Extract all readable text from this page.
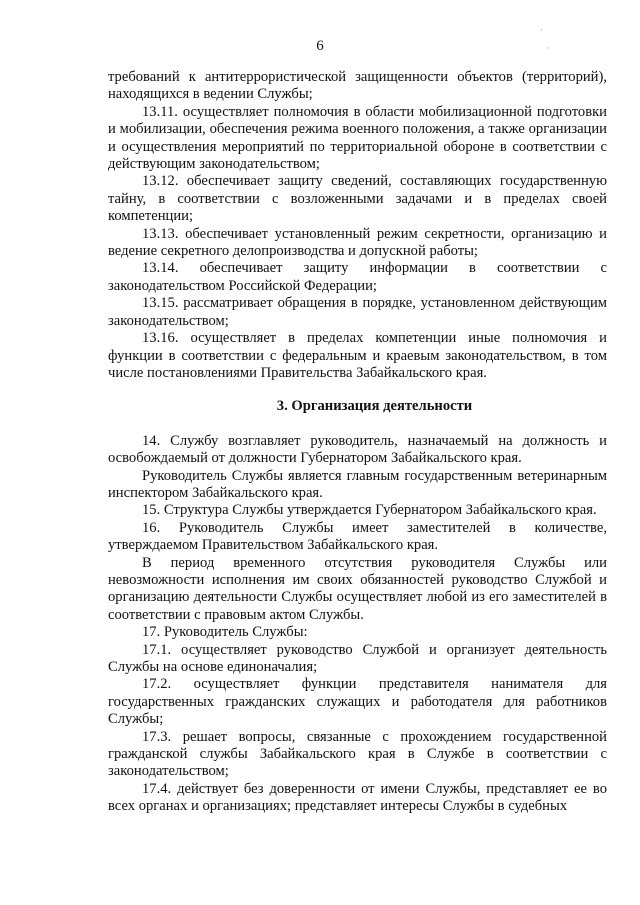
·
·
6

требований к антитеррористической защищенности объектов (территорий), находящихся в ведении Службы;

13.11. осуществляет полномочия в области мобилизационной подготовки и мобилизации, обеспечения режима военного положения, а также организации и осуществления мероприятий по территориальной обороне в соответствии с действующим законодательством;

13.12. обеспечивает защиту сведений, составляющих государственную тайну, в соответствии с возложенными задачами и в пределах своей компетенции;

13.13. обеспечивает установленный режим секретности, организацию и ведение секретного делопроизводства и допускной работы;

13.14. обеспечивает защиту информации в соответствии с законодательством Российской Федерации;

13.15. рассматривает обращения в порядке, установленном действующим законодательством;

13.16. осуществляет в пределах компетенции иные полномочия и функции в соответствии с федеральным и краевым законодательством, в том числе постановлениями Правительства Забайкальского края.

3. Организация деятельности

14. Службу возглавляет руководитель, назначаемый на должность и освобождаемый от должности Губернатором Забайкальского края.

Руководитель Службы является главным государственным ветеринарным инспектором Забайкальского края.

15. Структура Службы утверждается Губернатором Забайкальского края.

16. Руководитель Службы имеет заместителей в количестве, утверждаемом Правительством Забайкальского края.

В период временного отсутствия руководителя Службы или невозможности исполнения им своих обязанностей руководство Службой и организацию деятельности Службы осуществляет любой из его заместителей в соответствии с правовым актом Службы.

17. Руководитель Службы:

17.1. осуществляет руководство Службой и организует деятельность Службы на основе единоначалия;

17.2. осуществляет функции представителя нанимателя для государственных гражданских служащих и работодателя для работников Службы;

17.3. решает вопросы, связанные с прохождением государственной гражданской службы Забайкальского края в Службе в соответствии с законодательством;

17.4. действует без доверенности от имени Службы, представляет ее во всех органах и организациях; представляет интересы Службы в судебных
